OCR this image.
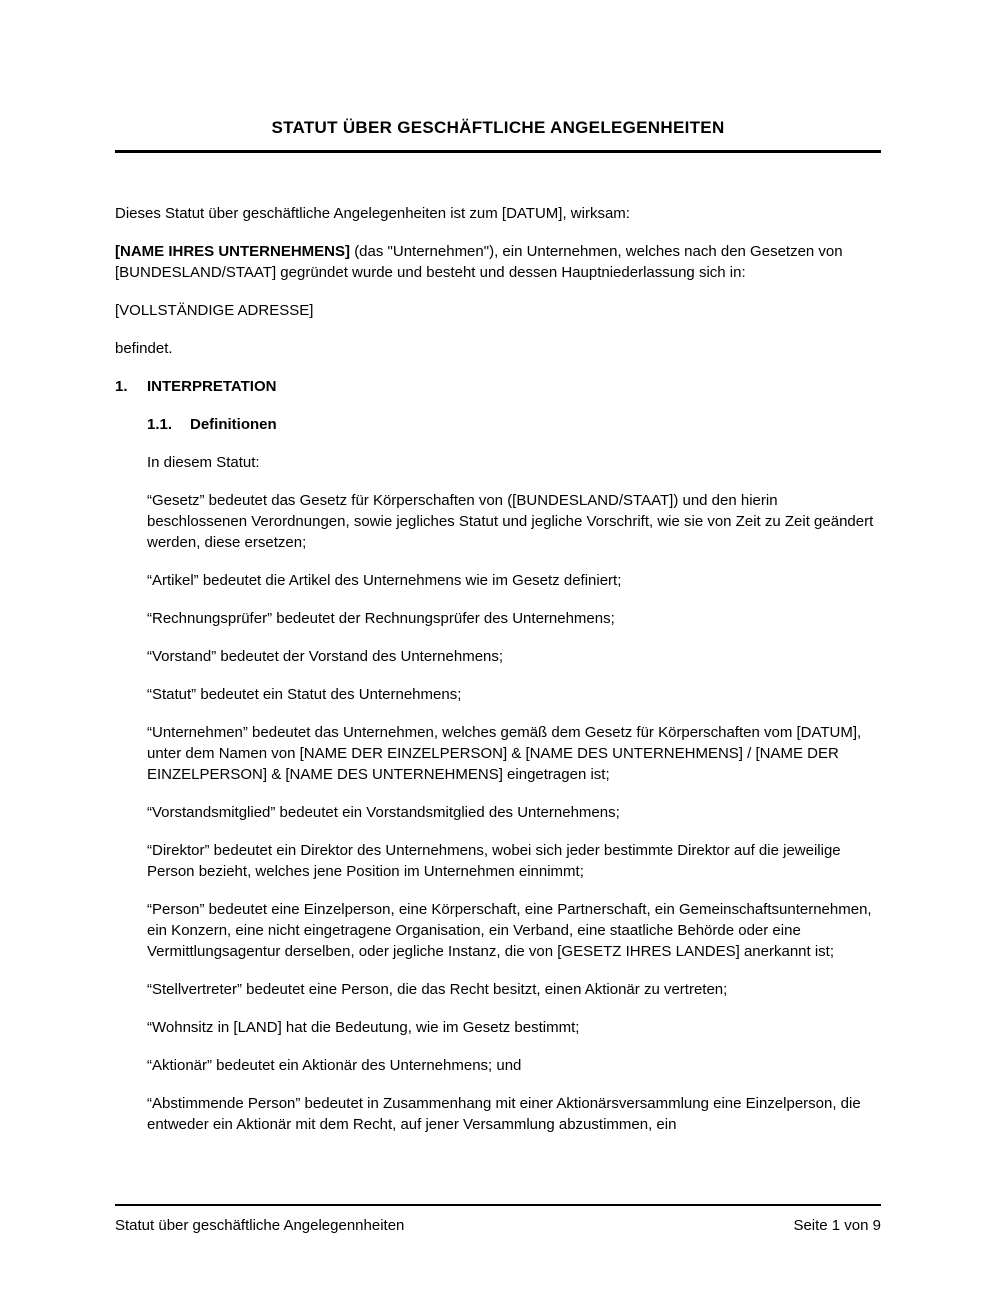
STATUT ÜBER GESCHÄFTLICHE ANGELEGENHEITEN

Dieses Statut über geschäftliche Angelegenheiten ist zum [DATUM], wirksam:

[NAME IHRES UNTERNEHMENS] (das "Unternehmen"), ein Unternehmen, welches nach den Gesetzen von [BUNDESLAND/STAAT] gegründet wurde und besteht und dessen Hauptniederlassung sich in:

[VOLLSTÄNDIGE ADRESSE]

befindet.

1.	INTERPRETATION
1.1.	Definitionen

In diesem Statut:

“Gesetz” bedeutet das Gesetz für Körperschaften von ([BUNDESLAND/STAAT]) und den hierin beschlossenen Verordnungen, sowie jegliches Statut und jegliche Vorschrift, wie sie von Zeit zu Zeit geändert werden, diese ersetzen;

“Artikel” bedeutet die Artikel des Unternehmens wie im Gesetz definiert;

“Rechnungsprüfer” bedeutet der Rechnungsprüfer des Unternehmens;

“Vorstand” bedeutet der Vorstand des Unternehmens;

“Statut” bedeutet ein Statut des Unternehmens;

“Unternehmen” bedeutet das Unternehmen, welches gemäß dem Gesetz für Körperschaften vom [DATUM], unter dem Namen von [NAME DER EINZELPERSON] & [NAME DES UNTERNEHMENS] / [NAME DER EINZELPERSON] & [NAME DES UNTERNEHMENS] eingetragen ist;

“Vorstandsmitglied” bedeutet ein Vorstandsmitglied des Unternehmens;

“Direktor” bedeutet ein Direktor des Unternehmens, wobei sich jeder bestimmte Direktor auf die jeweilige Person bezieht, welches jene Position im Unternehmen einnimmt;

“Person” bedeutet eine Einzelperson, eine Körperschaft, eine Partnerschaft, ein Gemeinschaftsunternehmen, ein Konzern, eine nicht eingetragene Organisation, ein Verband, eine staatliche Behörde oder eine Vermittlungsagentur derselben, oder jegliche Instanz, die von [GESETZ IHRES LANDES] anerkannt ist;

“Stellvertreter” bedeutet eine Person, die das Recht besitzt, einen Aktionär zu vertreten;

“Wohnsitz in [LAND] hat die Bedeutung, wie im Gesetz bestimmt;

“Aktionär” bedeutet ein Aktionär des Unternehmens; und

“Abstimmende Person” bedeutet in Zusammenhang mit einer Aktionärsversammlung eine Einzelperson, die entweder ein Aktionär mit dem Recht, auf jener Versammlung abzustimmen, ein

Statut über geschäftliche Angelegennheiten	Seite 1 von 9
